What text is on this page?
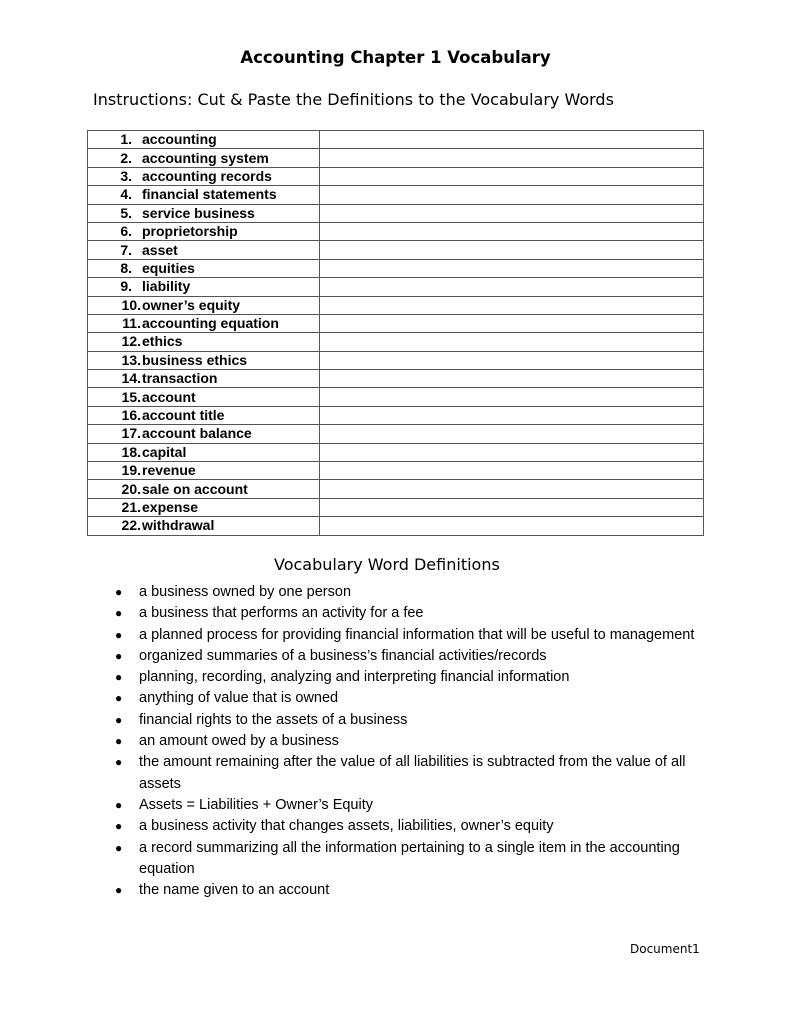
Accounting Chapter 1 Vocabulary
Instructions: Cut & Paste the Definitions to the Vocabulary Words
1. accounting	
2. accounting system	
3. accounting records	
4. financial statements	
5. service business	
6. proprietorship	
7. asset	
8. equities	
9. liability	
10.owner’s equity	
11.accounting equation	
12.ethics	
13.business ethics	
14.transaction	
15.account	
16.account title	
17.account balance	
18.capital	
19.revenue	
20.sale on account	
21.expense	
22.withdrawal	
Vocabulary Word Definitions
● a business owned by one person
● a business that performs an activity for a fee
● a planned process for providing financial information that will be useful to management
● organized summaries of a business’s financial activities/records
● planning, recording, analyzing and interpreting financial information
● anything of value that is owned
● financial rights to the assets of a business
● an amount owed by a business
● the amount remaining after the value of all liabilities is subtracted from the value of all assets
● Assets = Liabilities + Owner’s Equity
● a business activity that changes assets, liabilities, owner’s equity
● a record summarizing all the information pertaining to a single item in the accounting equation
● the name given to an account
Document1
